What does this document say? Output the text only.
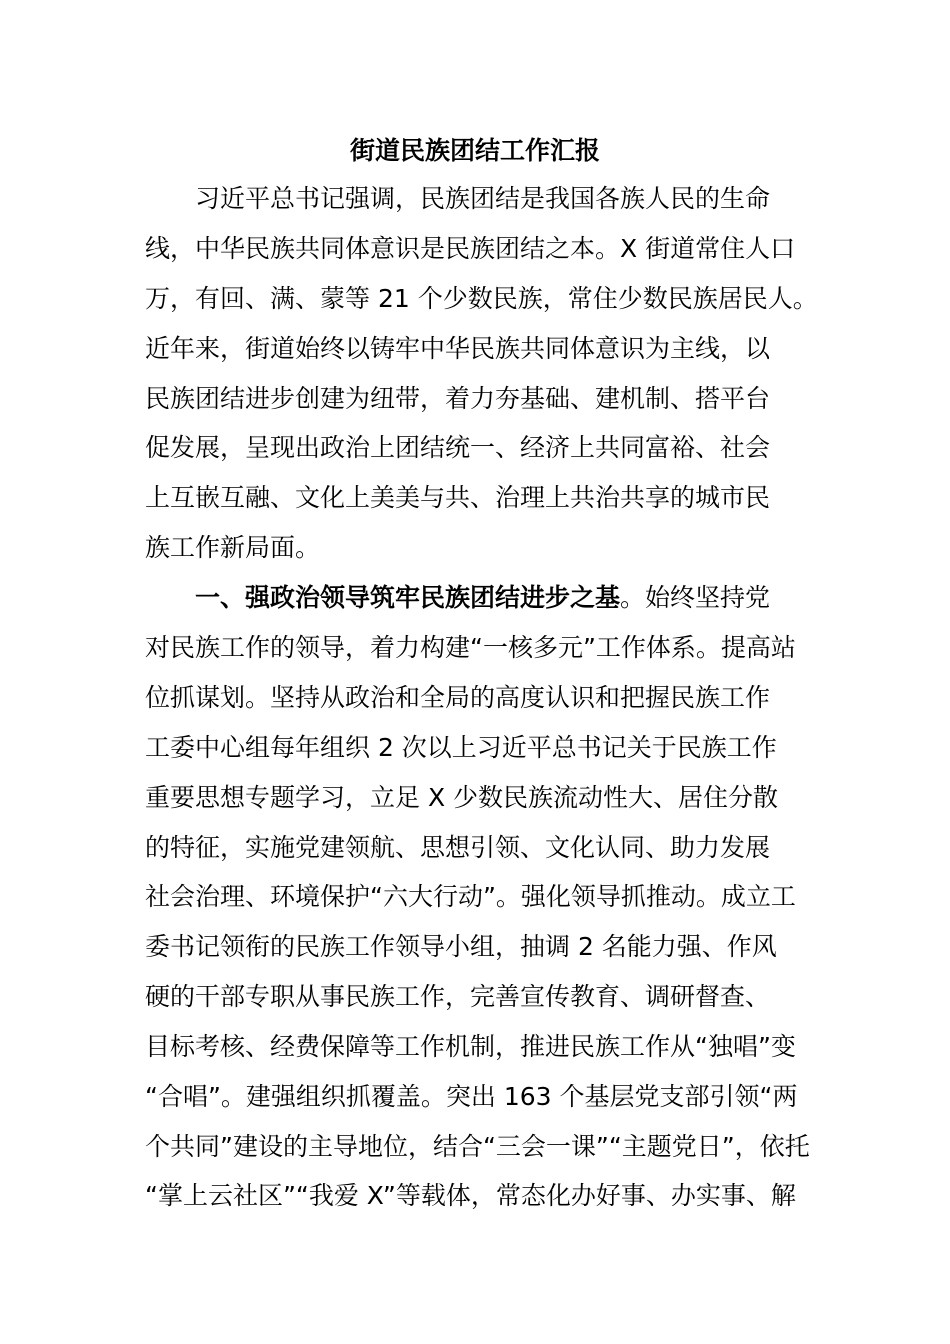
街道民族团结工作汇报
习近平总书记强调，民族团结是我国各族人民的生命
线，中华民族共同体意识是民族团结之本。X 街道常住人口
万，有回、满、蒙等 21 个少数民族，常住少数民族居民人。
近年来，街道始终以铸牢中华民族共同体意识为主线，以
民族团结进步创建为纽带，着力夯基础、建机制、搭平台
促发展，呈现出政治上团结统一、经济上共同富裕、社会
上互嵌互融、文化上美美与共、治理上共治共享的城市民
族工作新局面。
一、强政治领导筑牢民族团结进步之基。始终坚持党
对民族工作的领导，着力构建“一核多元”工作体系。提高站
位抓谋划。坚持从政治和全局的高度认识和把握民族工作
工委中心组每年组织 2 次以上习近平总书记关于民族工作
重要思想专题学习，立足 X 少数民族流动性大、居住分散
的特征，实施党建领航、思想引领、文化认同、助力发展
社会治理、环境保护“六大行动”。强化领导抓推动。成立工
委书记领衔的民族工作领导小组，抽调 2 名能力强、作风
硬的干部专职从事民族工作，完善宣传教育、调研督查、
目标考核、经费保障等工作机制，推进民族工作从“独唱”变
“合唱”。建强组织抓覆盖。突出 163 个基层党支部引领“两
个共同”建设的主导地位，结合“三会一课”“主题党日”，依托
“掌上云社区”“我爱 X”等载体，常态化办好事、办实事、解
